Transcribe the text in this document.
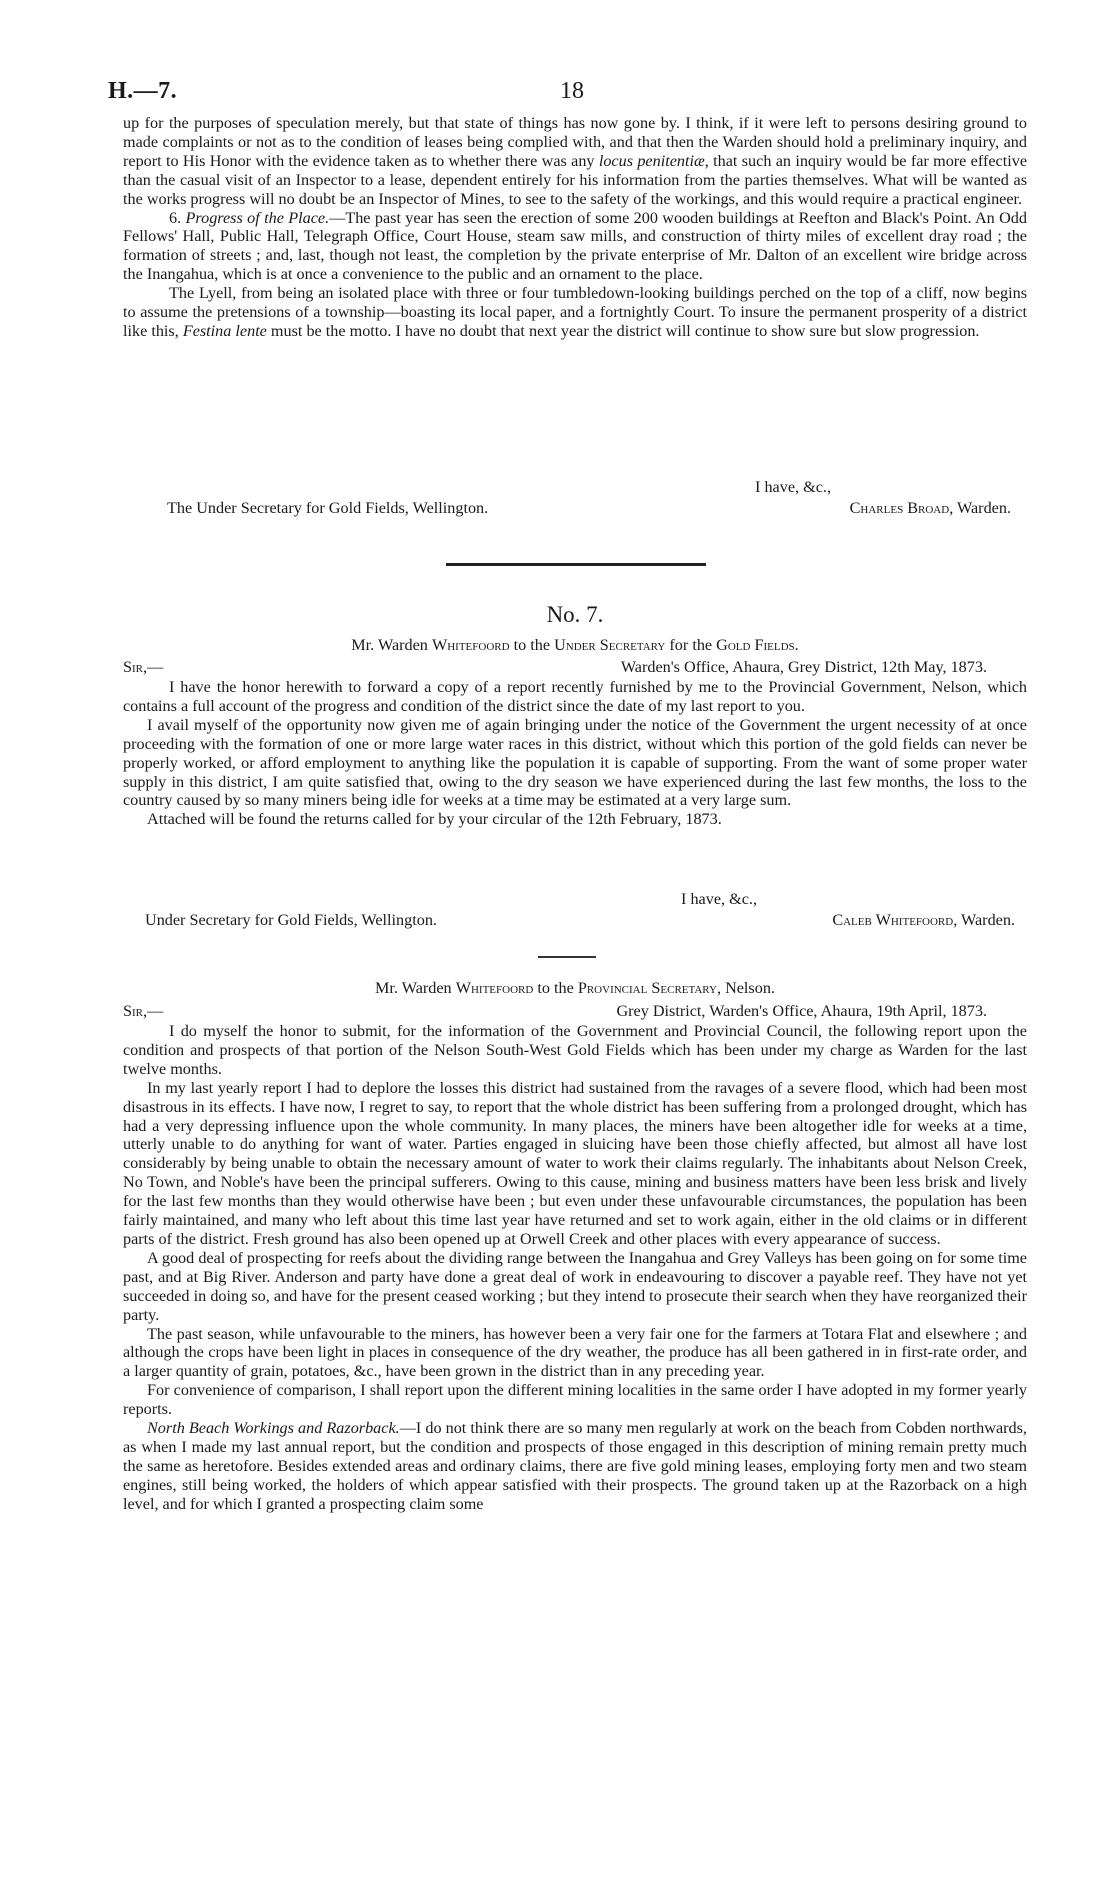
H.—7.	18

up for the purposes of speculation merely, but that state of things has now gone by. I think, if it were left to persons desiring ground to made complaints or not as to the condition of leases being complied with, and that then the Warden should hold a preliminary inquiry, and report to His Honor with the evidence taken as to whether there was any locus penitentiæ, that such an inquiry would be far more effective than the casual visit of an Inspector to a lease, dependent entirely for his information from the parties themselves. What will be wanted as the works progress will no doubt be an Inspector of Mines, to see to the safety of the workings, and this would require a practical engineer.

6. Progress of the Place.—The past year has seen the erection of some 200 wooden buildings at Reefton and Black's Point. An Odd Fellows' Hall, Public Hall, Telegraph Office, Court House, steam saw mills, and construction of thirty miles of excellent dray road ; the formation of streets ; and, last, though not least, the completion by the private enterprise of Mr. Dalton of an excellent wire bridge across the Inangahua, which is at once a convenience to the public and an ornament to the place.

The Lyell, from being an isolated place with three or four tumbledown-looking buildings perched on the top of a cliff, now begins to assume the pretensions of a township—boasting its local paper, and a fortnightly Court. To insure the permanent prosperity of a district like this, Festina lente must be the motto. I have no doubt that next year the district will continue to show sure but slow progression.

I have, &c.,
The Under Secretary for Gold Fields, Wellington.	Charles Broad, Warden.
No. 7.
Mr. Warden Whitefoord to the Under Secretary for the Gold Fields.
Sir,—	Warden's Office, Ahaura, Grey District, 12th May, 1873.

I have the honor herewith to forward a copy of a report recently furnished by me to the Provincial Government, Nelson, which contains a full account of the progress and condition of the district since the date of my last report to you.

I avail myself of the opportunity now given me of again bringing under the notice of the Government the urgent necessity of at once proceeding with the formation of one or more large water races in this district, without which this portion of the gold fields can never be properly worked, or afford employment to anything like the population it is capable of supporting. From the want of some proper water supply in this district, I am quite satisfied that, owing to the dry season we have experienced during the last few months, the loss to the country caused by so many miners being idle for weeks at a time may be estimated at a very large sum.

Attached will be found the returns called for by your circular of the 12th February, 1873.

I have, &c.,
Under Secretary for Gold Fields, Wellington.	Caleb Whitefoord, Warden.
Mr. Warden Whitefoord to the Provincial Secretary, Nelson.
Sir,—	Grey District, Warden's Office, Ahaura, 19th April, 1873.

I do myself the honor to submit, for the information of the Government and Provincial Council, the following report upon the condition and prospects of that portion of the Nelson South-West Gold Fields which has been under my charge as Warden for the last twelve months.

In my last yearly report I had to deplore the losses this district had sustained from the ravages of a severe flood, which had been most disastrous in its effects. I have now, I regret to say, to report that the whole district has been suffering from a prolonged drought, which has had a very depressing influence upon the whole community. In many places, the miners have been altogether idle for weeks at a time, utterly unable to do anything for want of water. Parties engaged in sluicing have been those chiefly affected, but almost all have lost considerably by being unable to obtain the necessary amount of water to work their claims regularly. The inhabitants about Nelson Creek, No Town, and Noble's have been the principal sufferers. Owing to this cause, mining and business matters have been less brisk and lively for the last few months than they would otherwise have been ; but even under these unfavourable circumstances, the population has been fairly maintained, and many who left about this time last year have returned and set to work again, either in the old claims or in different parts of the district. Fresh ground has also been opened up at Orwell Creek and other places with every appearance of success.

A good deal of prospecting for reefs about the dividing range between the Inangahua and Grey Valleys has been going on for some time past, and at Big River. Anderson and party have done a great deal of work in endeavouring to discover a payable reef. They have not yet succeeded in doing so, and have for the present ceased working ; but they intend to prosecute their search when they have reorganized their party.

The past season, while unfavourable to the miners, has however been a very fair one for the farmers at Totara Flat and elsewhere ; and although the crops have been light in places in consequence of the dry weather, the produce has all been gathered in in first-rate order, and a larger quantity of grain, potatoes, &c., have been grown in the district than in any preceding year.

For convenience of comparison, I shall report upon the different mining localities in the same order I have adopted in my former yearly reports.

North Beach Workings and Razorback.—I do not think there are so many men regularly at work on the beach from Cobden northwards, as when I made my last annual report, but the condition and prospects of those engaged in this description of mining remain pretty much the same as heretofore. Besides extended areas and ordinary claims, there are five gold mining leases, employing forty men and two steam engines, still being worked, the holders of which appear satisfied with their prospects. The ground taken up at the Razorback on a high level, and for which I granted a prospecting claim some
